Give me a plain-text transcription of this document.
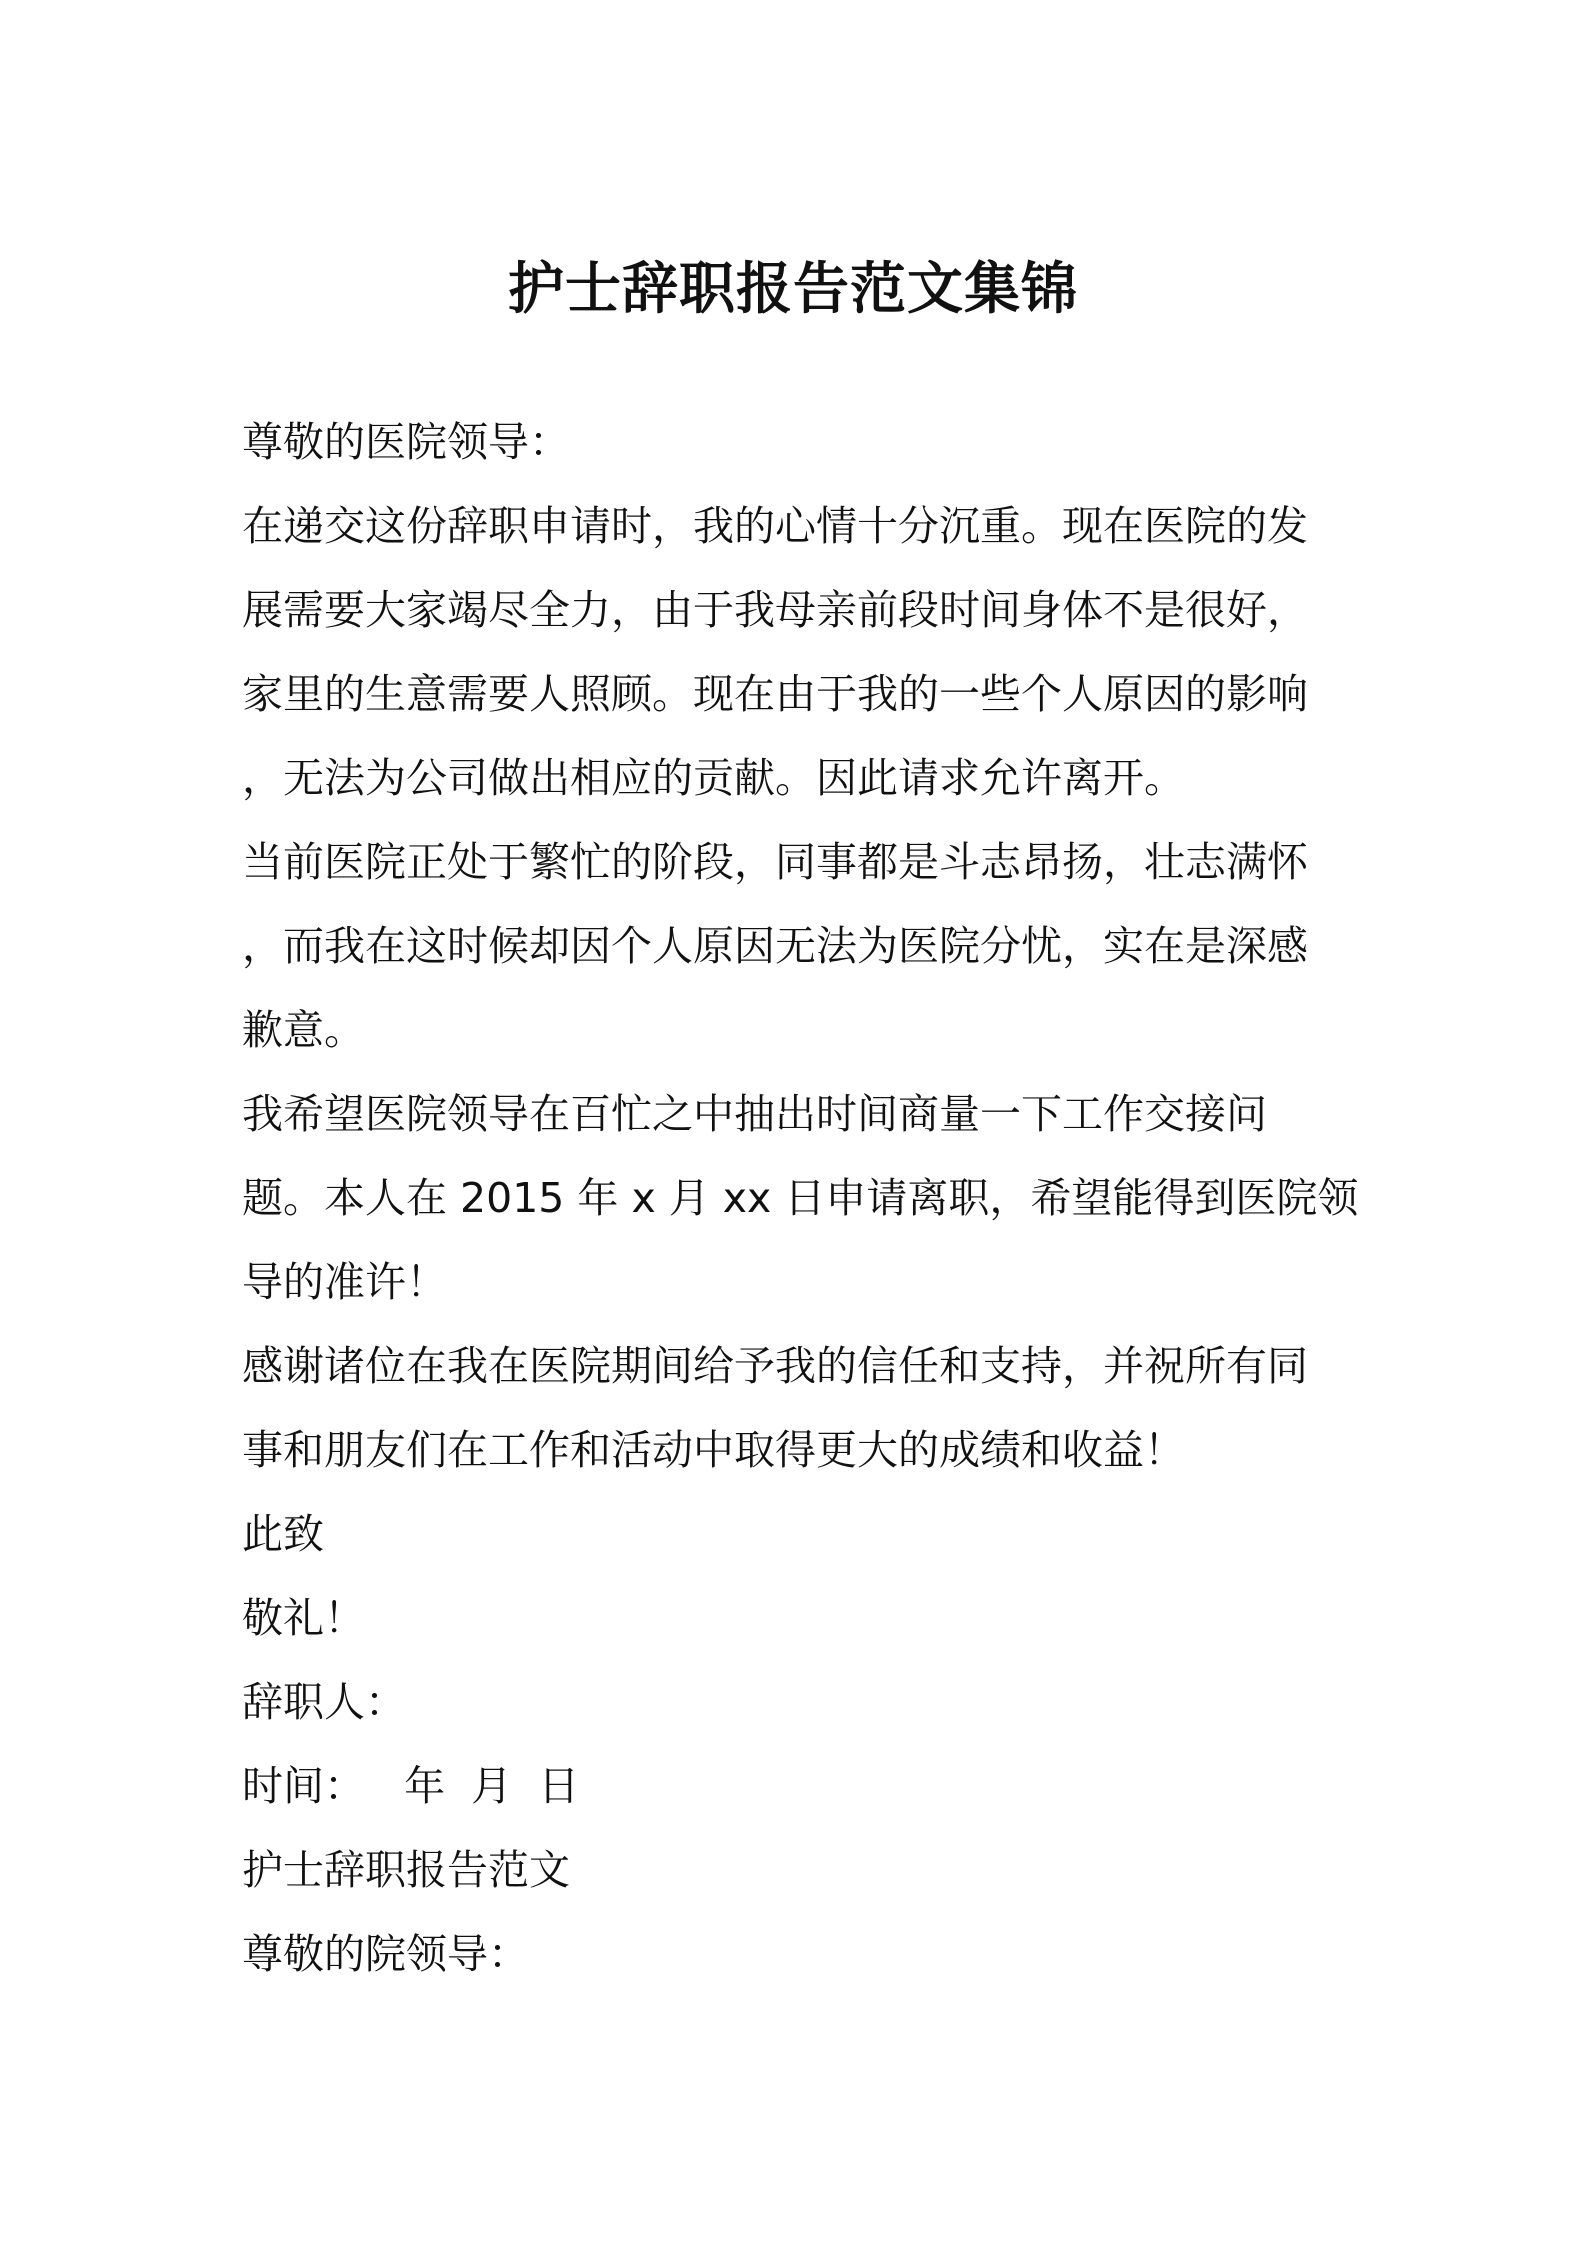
护士辞职报告范文集锦
尊敬的医院领导：
在递交这份辞职申请时，我的心情十分沉重。现在医院的发
展需要大家竭尽全力，由于我母亲前段时间身体不是很好，
家里的生意需要人照顾。现在由于我的一些个人原因的影响
，无法为公司做出相应的贡献。因此请求允许离开。
当前医院正处于繁忙的阶段，同事都是斗志昂扬，壮志满怀
，而我在这时候却因个人原因无法为医院分忧，实在是深感
歉意。
我希望医院领导在百忙之中抽出时间商量一下工作交接问
题。本人在 2015 年 x 月 xx 日申请离职，希望能得到医院领
导的准许！
感谢诸位在我在医院期间给予我的信任和支持，并祝所有同
事和朋友们在工作和活动中取得更大的成绩和收益！
此致
敬礼！
辞职人：
时间：   年  月  日
护士辞职报告范文
尊敬的院领导：
